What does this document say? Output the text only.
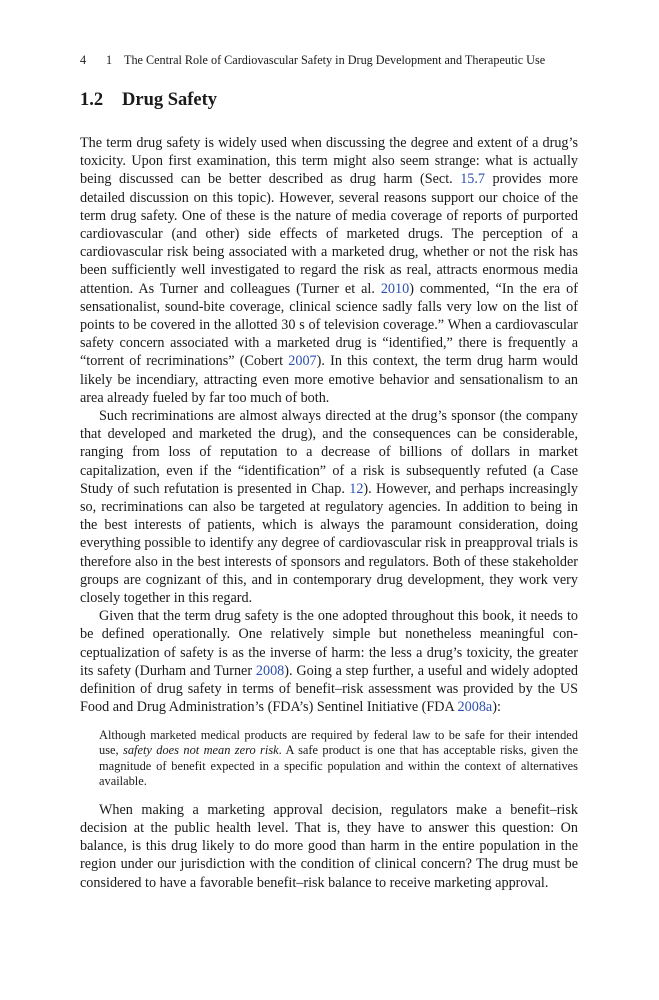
4 1 The Central Role of Cardiovascular Safety in Drug Development and Therapeutic Use
1.2 Drug Safety

The term drug safety is widely used when discussing the degree and extent of a drug’s toxicity. Upon first examination, this term might also seem strange: what is actually being discussed can be better described as drug harm (Sect. 15.7 provides more detailed discussion on this topic). However, several reasons support our choice of the term drug safety. One of these is the nature of media coverage of reports of purported cardiovascular (and other) side effects of marketed drugs. The perception of a cardiovascular risk being associated with a marketed drug, whether or not the risk has been sufficiently well investigated to regard the risk as real, attracts enormous media attention. As Turner and colleagues (Turner et al. 2010) commented, “In the era of sensationalist, sound-bite coverage, clinical science sadly falls very low on the list of points to be covered in the allotted 30 s of television coverage.” When a cardiovascular safety concern associated with a marketed drug is “identified,” there is frequently a “torrent of recriminations” (Cobert 2007). In this context, the term drug harm would likely be incendiary, attracting even more emotive behavior and sensationalism to an area already fueled by far too much of both.

Such recriminations are almost always directed at the drug’s sponsor (the company that developed and marketed the drug), and the consequences can be considerable, ranging from loss of reputation to a decrease of billions of dollars in market capitalization, even if the “identification” of a risk is subsequently refuted (a Case Study of such refutation is presented in Chap. 12). However, and perhaps increasingly so, recriminations can also be targeted at regulatory agencies. In addition to being in the best interests of patients, which is always the paramount consideration, doing everything possible to identify any degree of cardiovascular risk in preapproval trials is therefore also in the best interests of sponsors and regulators. Both of these stakeholder groups are cognizant of this, and in contemporary drug development, they work very closely together in this regard.

Given that the term drug safety is the one adopted throughout this book, it needs to be defined operationally. One relatively simple but nonetheless meaningful conceptualization of safety is as the inverse of harm: the less a drug’s toxicity, the greater its safety (Durham and Turner 2008). Going a step further, a useful and widely adopted definition of drug safety in terms of benefit–risk assessment was provided by the US Food and Drug Administration’s (FDA’s) Sentinel Initiative (FDA 2008a):

Although marketed medical products are required by federal law to be safe for their intended use, safety does not mean zero risk. A safe product is one that has acceptable risks, given the magnitude of benefit expected in a specific population and within the context of alternatives available.

When making a marketing approval decision, regulators make a benefit–risk decision at the public health level. That is, they have to answer this question: On balance, is this drug likely to do more good than harm in the entire population in the region under our jurisdiction with the condition of clinical concern? The drug must be considered to have a favorable benefit–risk balance to receive marketing approval.
